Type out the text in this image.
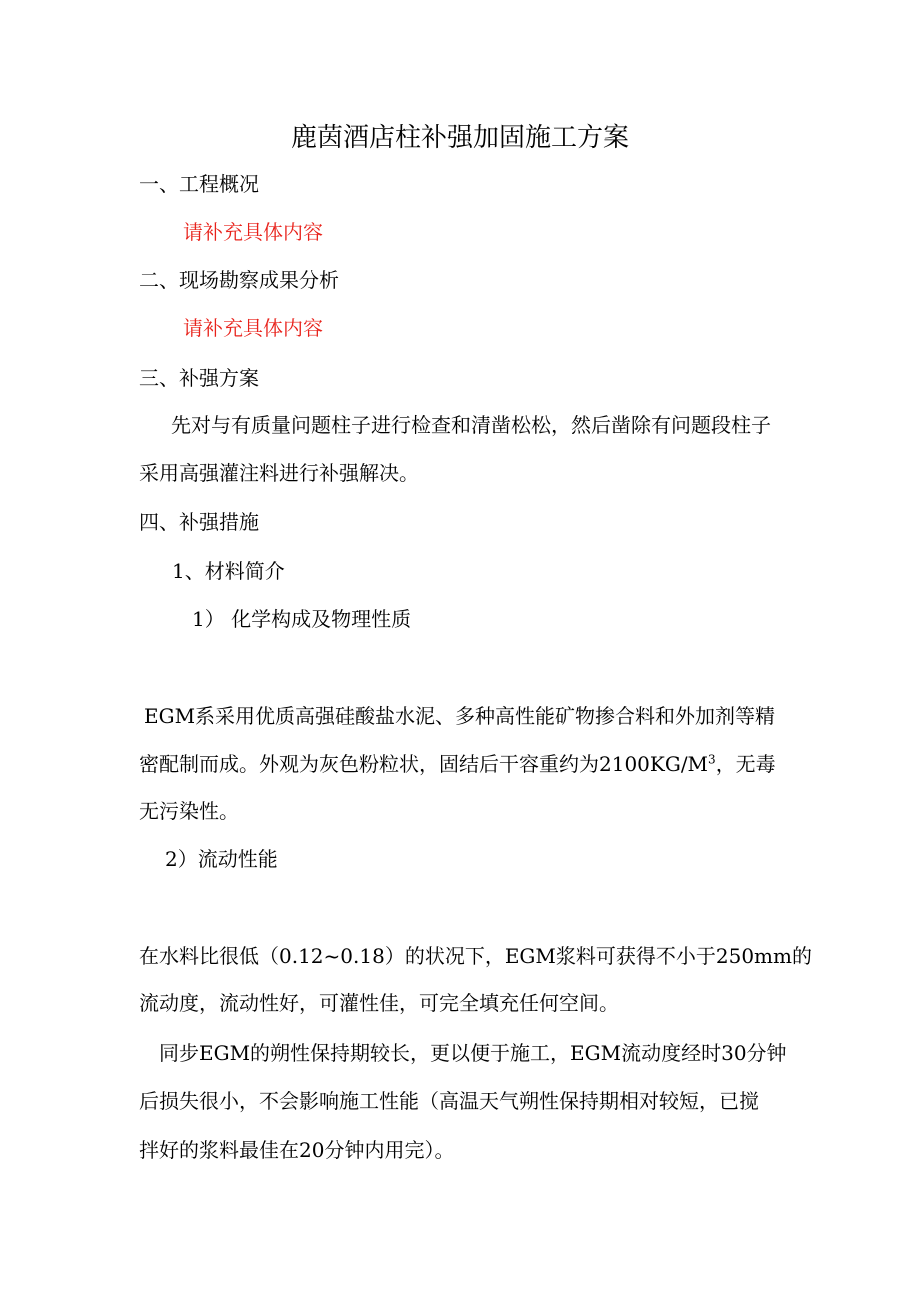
鹿茵酒店柱补强加固施工方案
一、工程概况
请补充具体内容
二、现场勘察成果分析
请补充具体内容
三、补强方案
先对与有质量问题柱子进行检查和清凿松松，然后凿除有问题段柱子
采用高强灌注料进行补强解决。
四、补强措施
1、材料简介
1） 化学构成及物理性质
EGM系采用优质高强硅酸盐水泥、多种高性能矿物掺合料和外加剂等精
密配制而成。外观为灰色粉粒状，固结后干容重约为$2100KG/M^3$，无毒
无污染性。
2）流动性能
在水料比很低（0.12~0.18）的状况下，EGM浆料可获得不小于250mm的
流动度，流动性好，可灌性佳，可完全填充任何空间。
同步EGM的朔性保持期较长，更以便于施工，EGM流动度经时30分钟
后损失很小，不会影响施工性能（高温天气朔性保持期相对较短，已搅
拌好的浆料最佳在20分钟内用完）。
